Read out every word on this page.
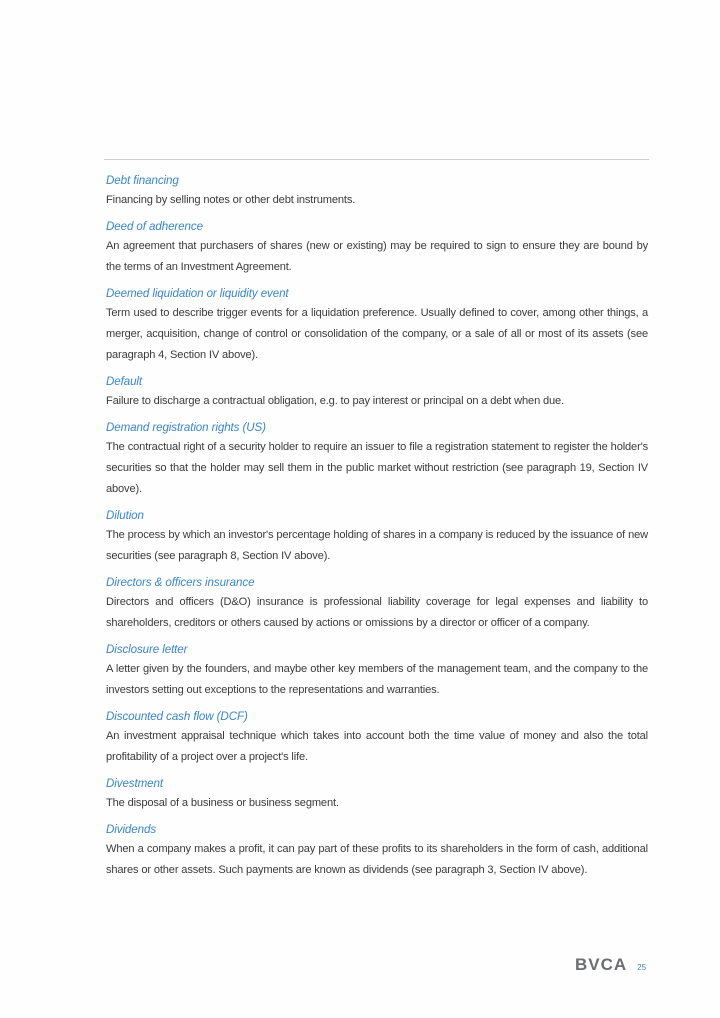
Debt financing

Financing by selling notes or other debt instruments.

Deed of adherence

An agreement that purchasers of shares (new or existing) may be required to sign to ensure they are bound by the terms of an Investment Agreement.

Deemed liquidation or liquidity event

Term used to describe trigger events for a liquidation preference. Usually defined to cover, among other things, a merger, acquisition, change of control or consolidation of the company, or a sale of all or most of its assets (see paragraph 4, Section IV above).

Default

Failure to discharge a contractual obligation, e.g. to pay interest or principal on a debt when due.

Demand registration rights (US)

The contractual right of a security holder to require an issuer to file a registration statement to register the holder's securities so that the holder may sell them in the public market without restriction (see paragraph 19, Section IV above).

Dilution

The process by which an investor's percentage holding of shares in a company is reduced by the issuance of new securities (see paragraph 8, Section IV above).

Directors & officers insurance

Directors and officers (D&O) insurance is professional liability coverage for legal expenses and liability to shareholders, creditors or others caused by actions or omissions by a director or officer of a company.

Disclosure letter

A letter given by the founders, and maybe other key members of the management team, and the company to the investors setting out exceptions to the representations and warranties.

Discounted cash flow (DCF)

An investment appraisal technique which takes into account both the time value of money and also the total profitability of a project over a project's life.

Divestment

The disposal of a business or business segment.

Dividends

When a company makes a profit, it can pay part of these profits to its shareholders in the form of cash, additional shares or other assets. Such payments are known as dividends (see paragraph 3, Section IV above).

BVCA 25
